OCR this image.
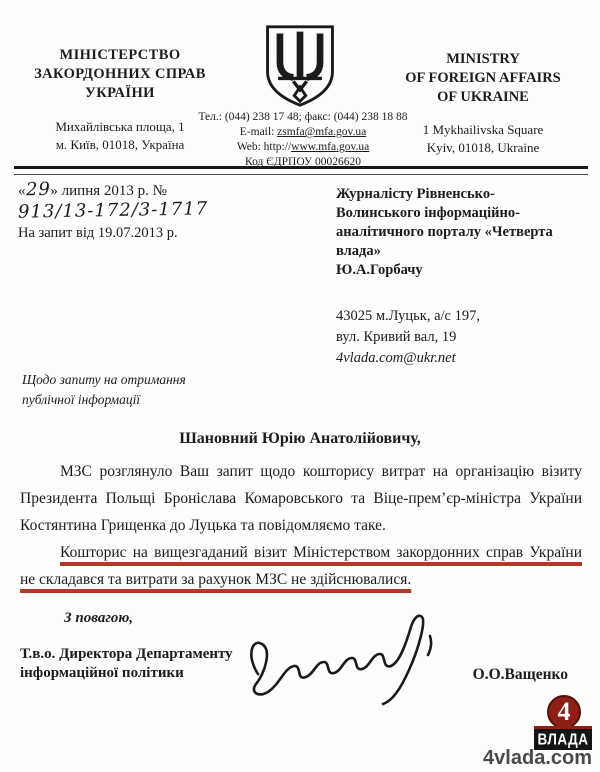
МІНІСТЕРСТВО
ЗАКОРДОННИХ СПРАВ
УКРАЇНИ
Михайлівська площа, 1
м. Київ, 01018, Україна
Тел.: (044) 238 17 48; факс: (044) 238 18 88
E-mail: zsmfa@mfa.gov.ua
Web: http://www.mfa.gov.ua
Код ЄДРПОУ 00026620
MINISTRY
OF FOREIGN AFFAIRS
OF UKRAINE
1 Mykhailivska Square
Kyiv, 01018, Ukraine
«29» липня 2013 р. № 913/13-172/3-1717
На запит від 19.07.2013 р.
Журналісту Рівненсько-
Волинського інформаційно-
аналітичного порталу «Четверта
влада»
Ю.А.Горбачу
43025 м.Луцьк, а/с 197,
вул. Кривий вал, 19
4vlada.com@ukr.net
Щодо запиту на отримання
публічної інформації
Шановний Юрію Анатолійовичу,

МЗС розглянуло Ваш запит щодо кошторису витрат на організацію візиту Президента Польщі Броніслава Комаровського та Віце-прем’єр-міністра України Костянтина Грищенка до Луцька та повідомляємо таке.

Кошторис на вищезгаданий візит Міністерством закордонних справ України не складався та витрати за рахунок МЗС не здійснювалися.

З повагою,
Т.в.о. Директора Департаменту
інформаційної політики	О.О.Ващенко
4
ВЛАДА
4vlada.com
